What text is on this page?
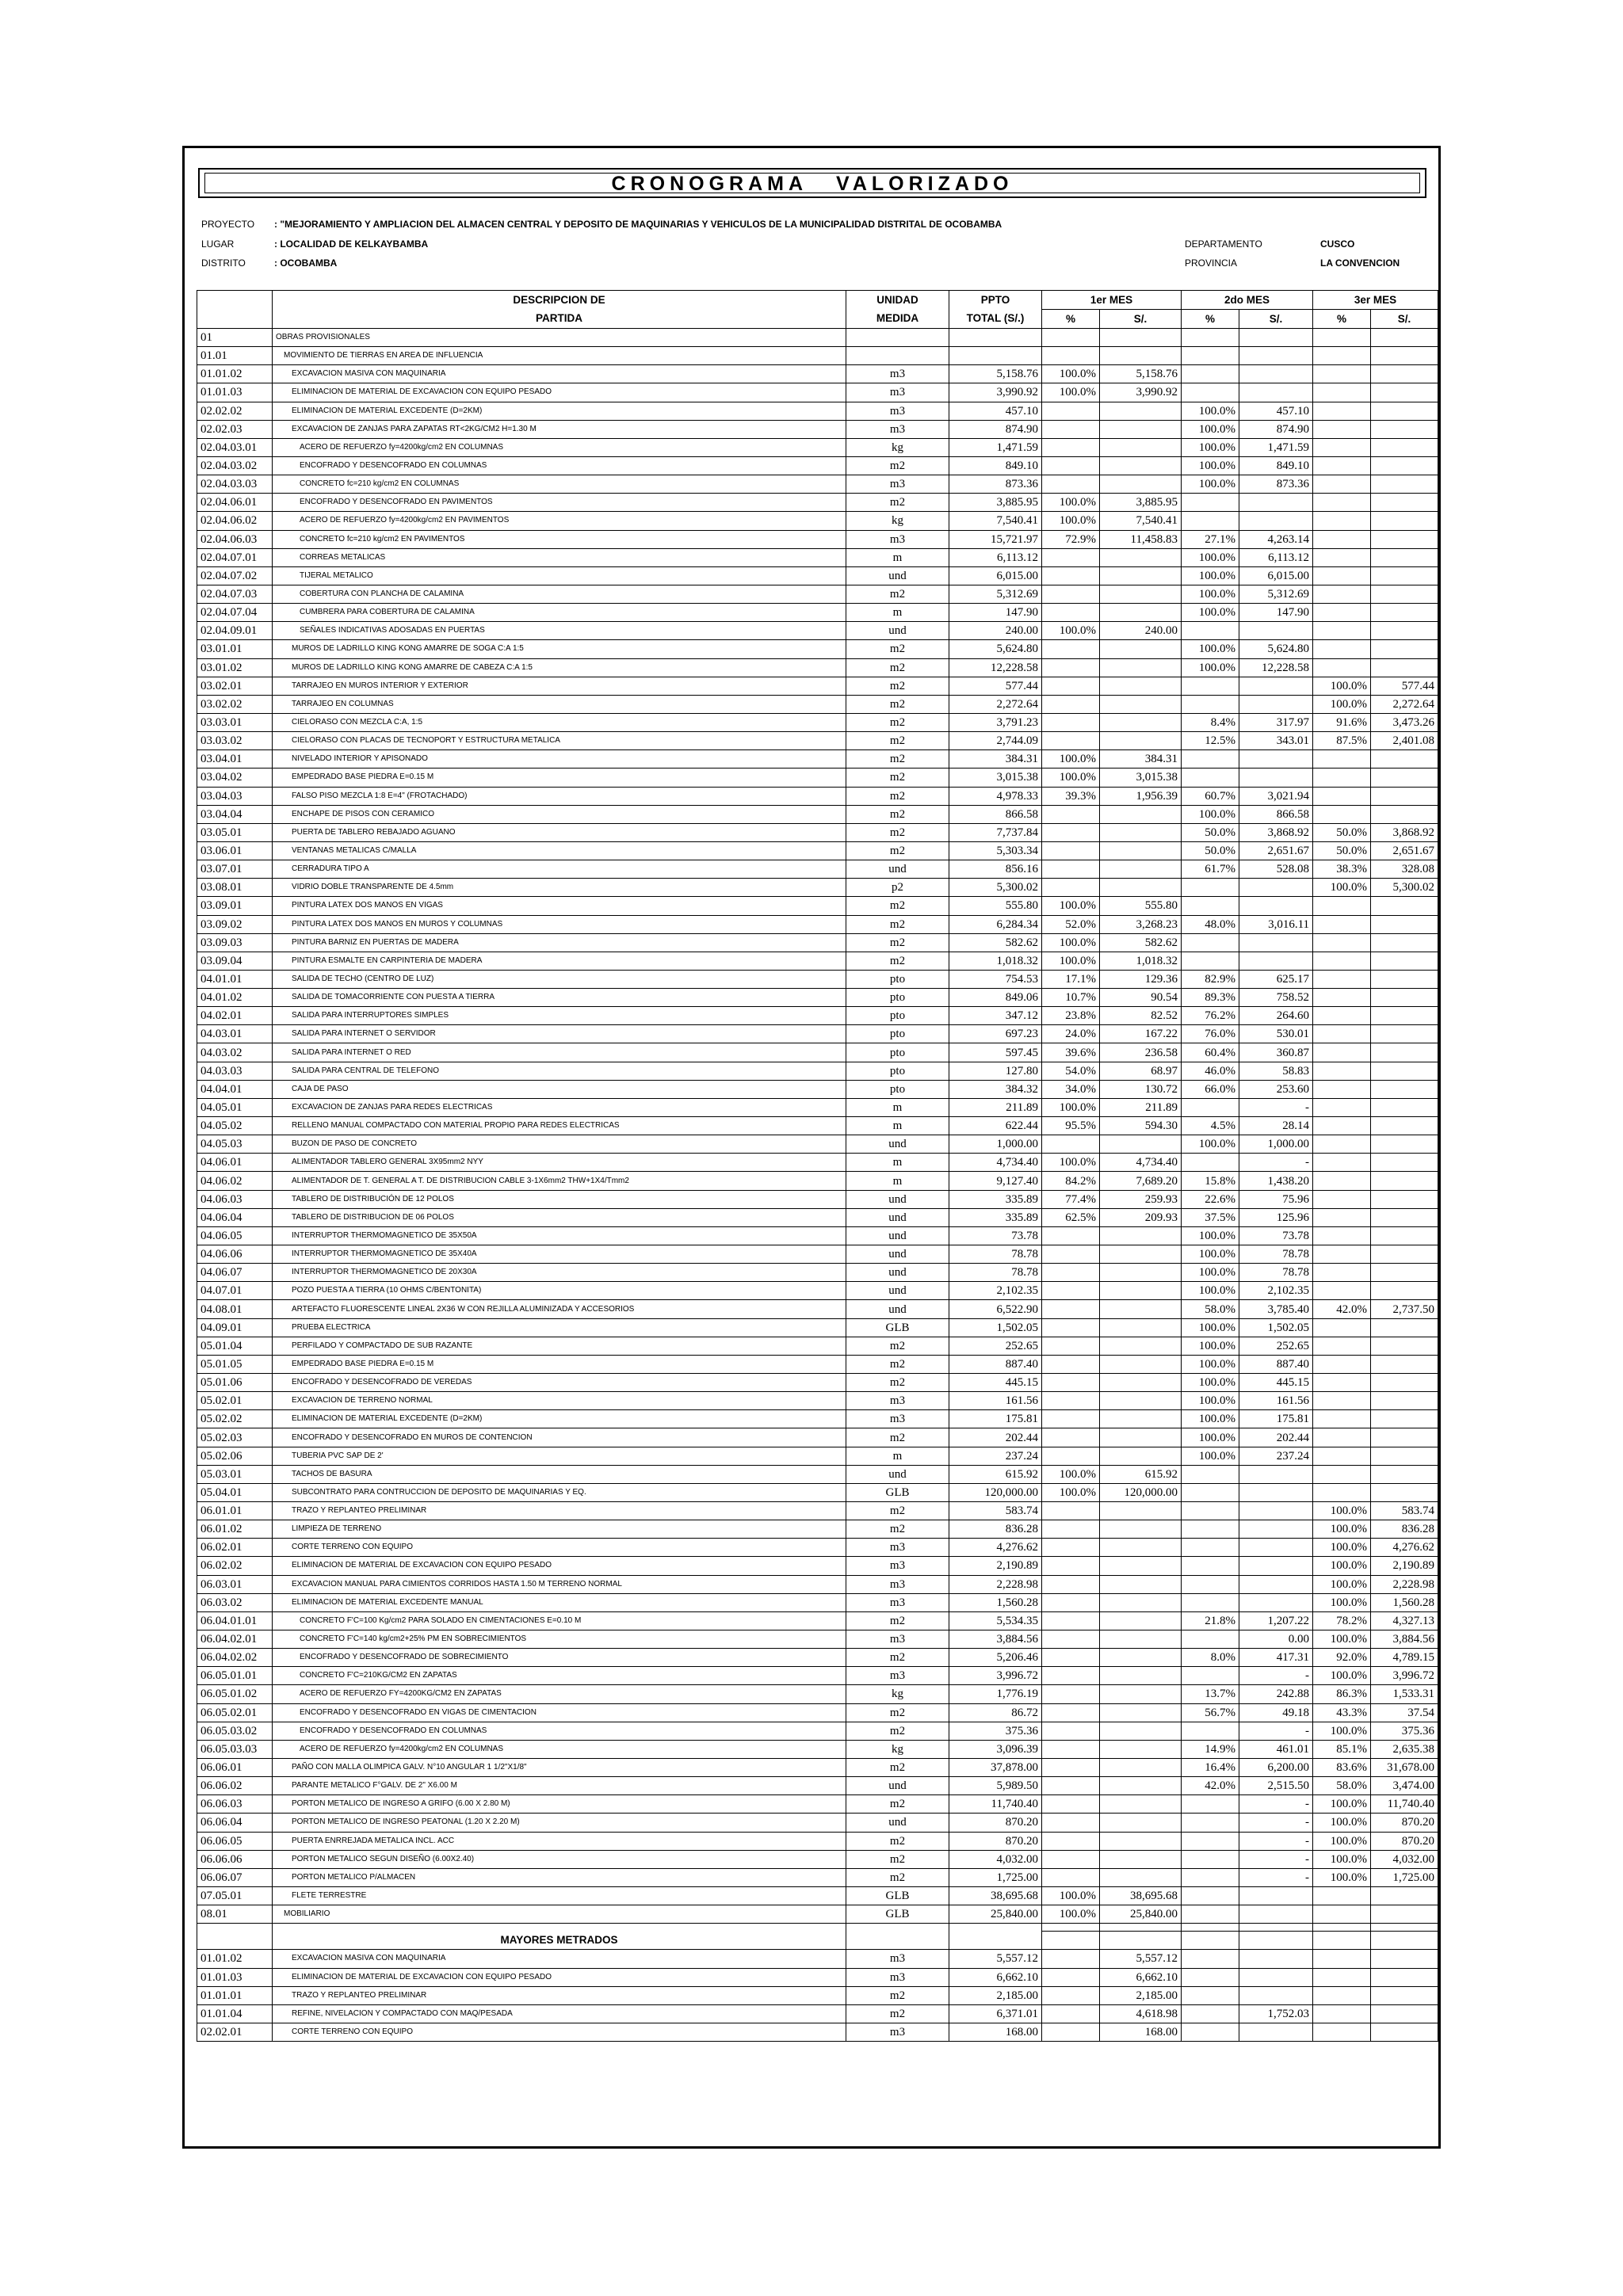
CRONOGRAMA VALORIZADO
PROYECTO : "MEJORAMIENTO Y AMPLIACION DEL ALMACEN CENTRAL Y DEPOSITO DE MAQUINARIAS Y VEHICULOS DE LA MUNICIPALIDAD DISTRITAL DE OCOBAMBA
LUGAR	: LOCALIDAD DE KELKAYBAMBA
DISTRITO	: OCOBAMBA
DEPARTAMENTO	CUSCO
PROVINCIA	LA CONVENCION
	DESCRIPCION DE	UNIDAD	PPTO	1er MES		2do MES		3er MES	
	PARTIDA	MEDIDA	TOTAL (S/.)	%	S/.	%	S/.	%	S/.
01	OBRAS PROVISIONALES								
01.01	MOVIMIENTO DE TIERRAS EN AREA DE INFLUENCIA								
01.01.02	EXCAVACION MASIVA CON MAQUINARIA	m3	5,158.76	100.0%	5,158.76				
01.01.03	ELIMINACION DE MATERIAL DE EXCAVACION CON EQUIPO PESADO	m3	3,990.92	100.0%	3,990.92				
02.02.02	ELIMINACION DE MATERIAL EXCEDENTE (D=2KM)	m3	457.10			100.0%	457.10		
02.02.03	EXCAVACION DE ZANJAS PARA ZAPATAS RT<2KG/CM2 H=1.30 M	m3	874.90			100.0%	874.90		
02.04.03.01	ACERO DE REFUERZO fy=4200kg/cm2 EN COLUMNAS	kg	1,471.59			100.0%	1,471.59		
02.04.03.02	ENCOFRADO Y DESENCOFRADO EN COLUMNAS	m2	849.10			100.0%	849.10		
02.04.03.03	CONCRETO fc=210 kg/cm2 EN COLUMNAS	m3	873.36			100.0%	873.36		
02.04.06.01	ENCOFRADO Y DESENCOFRADO EN PAVIMENTOS	m2	3,885.95	100.0%	3,885.95				
02.04.06.02	ACERO DE REFUERZO fy=4200kg/cm2 EN PAVIMENTOS	kg	7,540.41	100.0%	7,540.41				
02.04.06.03	CONCRETO fc=210 kg/cm2 EN PAVIMENTOS	m3	15,721.97	72.9%	11,458.83	27.1%	4,263.14		
02.04.07.01	CORREAS METALICAS	m	6,113.12			100.0%	6,113.12		
02.04.07.02	TIJERAL METALICO	und	6,015.00			100.0%	6,015.00		
02.04.07.03	COBERTURA CON PLANCHA DE CALAMINA	m2	5,312.69			100.0%	5,312.69		
02.04.07.04	CUMBRERA PARA COBERTURA DE CALAMINA	m	147.90			100.0%	147.90		
02.04.09.01	SEÑALES INDICATIVAS ADOSADAS EN PUERTAS	und	240.00	100.0%	240.00				
03.01.01	MUROS DE LADRILLO KING KONG AMARRE DE SOGA C:A 1:5	m2	5,624.80			100.0%	5,624.80		
03.01.02	MUROS DE LADRILLO KING KONG AMARRE DE CABEZA C:A 1:5	m2	12,228.58			100.0%	12,228.58		
03.02.01	TARRAJEO EN MUROS INTERIOR Y EXTERIOR	m2	577.44					100.0%	577.44
03.02.02	TARRAJEO EN COLUMNAS	m2	2,272.64					100.0%	2,272.64
03.03.01	CIELORASO CON MEZCLA C:A, 1:5	m2	3,791.23			8.4%	317.97	91.6%	3,473.26
03.03.02	CIELORASO CON PLACAS DE TECNOPORT Y ESTRUCTURA METALICA	m2	2,744.09			12.5%	343.01	87.5%	2,401.08
03.04.01	NIVELADO INTERIOR Y APISONADO	m2	384.31	100.0%	384.31				
03.04.02	EMPEDRADO BASE PIEDRA E=0.15 M	m2	3,015.38	100.0%	3,015.38				
03.04.03	FALSO PISO MEZCLA 1:8 E=4" (FROTACHADO)	m2	4,978.33	39.3%	1,956.39	60.7%	3,021.94		
03.04.04	ENCHAPE DE PISOS CON CERAMICO	m2	866.58			100.0%	866.58		
03.05.01	PUERTA DE TABLERO REBAJADO AGUANO	m2	7,737.84			50.0%	3,868.92	50.0%	3,868.92
03.06.01	VENTANAS METALICAS C/MALLA	m2	5,303.34			50.0%	2,651.67	50.0%	2,651.67
03.07.01	CERRADURA TIPO A	und	856.16			61.7%	528.08	38.3%	328.08
03.08.01	VIDRIO DOBLE TRANSPARENTE DE 4.5mm	p2	5,300.02					100.0%	5,300.02
03.09.01	PINTURA LATEX DOS MANOS EN VIGAS	m2	555.80	100.0%	555.80				
03.09.02	PINTURA LATEX DOS MANOS EN MUROS Y COLUMNAS	m2	6,284.34	52.0%	3,268.23	48.0%	3,016.11		
03.09.03	PINTURA BARNIZ EN PUERTAS DE MADERA	m2	582.62	100.0%	582.62				
03.09.04	PINTURA ESMALTE EN CARPINTERIA DE MADERA	m2	1,018.32	100.0%	1,018.32				
04.01.01	SALIDA DE TECHO (CENTRO DE LUZ)	pto	754.53	17.1%	129.36	82.9%	625.17		
04.01.02	SALIDA DE TOMACORRIENTE CON PUESTA A TIERRA	pto	849.06	10.7%	90.54	89.3%	758.52		
04.02.01	SALIDA PARA INTERRUPTORES SIMPLES	pto	347.12	23.8%	82.52	76.2%	264.60		
04.03.01	SALIDA PARA INTERNET O SERVIDOR	pto	697.23	24.0%	167.22	76.0%	530.01		
04.03.02	SALIDA PARA INTERNET O RED	pto	597.45	39.6%	236.58	60.4%	360.87		
04.03.03	SALIDA PARA CENTRAL DE TELEFONO	pto	127.80	54.0%	68.97	46.0%	58.83		
04.04.01	CAJA DE PASO	pto	384.32	34.0%	130.72	66.0%	253.60		
04.05.01	EXCAVACION DE ZANJAS PARA REDES ELECTRICAS	m	211.89	100.0%	211.89		-		
04.05.02	RELLENO MANUAL COMPACTADO CON MATERIAL PROPIO PARA REDES ELECTRICAS	m	622.44	95.5%	594.30	4.5%	28.14		
04.05.03	BUZON DE PASO DE CONCRETO	und	1,000.00			100.0%	1,000.00		
04.06.01	ALIMENTADOR TABLERO GENERAL 3X95mm2 NYY	m	4,734.40	100.0%	4,734.40		-		
04.06.02	ALIMENTADOR DE T. GENERAL A T. DE DISTRIBUCION CABLE 3-1X6mm2 THW+1X4/Tmm2	m	9,127.40	84.2%	7,689.20	15.8%	1,438.20		
04.06.03	TABLERO DE DISTRIBUCIÓN DE 12 POLOS	und	335.89	77.4%	259.93	22.6%	75.96		
04.06.04	TABLERO DE DISTRIBUCION DE 06 POLOS	und	335.89	62.5%	209.93	37.5%	125.96		
04.06.05	INTERRUPTOR THERMOMAGNETICO DE 35X50A	und	73.78			100.0%	73.78		
04.06.06	INTERRUPTOR THERMOMAGNETICO DE 35X40A	und	78.78			100.0%	78.78		
04.06.07	INTERRUPTOR THERMOMAGNETICO DE 20X30A	und	78.78			100.0%	78.78		
04.07.01	POZO PUESTA A TIERRA (10 OHMS C/BENTONITA)	und	2,102.35			100.0%	2,102.35		
04.08.01	ARTEFACTO FLUORESCENTE LINEAL 2X36 W CON REJILLA ALUMINIZADA Y ACCESORIOS	und	6,522.90			58.0%	3,785.40	42.0%	2,737.50
04.09.01	PRUEBA ELECTRICA	GLB	1,502.05			100.0%	1,502.05		
05.01.04	PERFILADO Y COMPACTADO DE SUB RAZANTE	m2	252.65			100.0%	252.65		
05.01.05	EMPEDRADO BASE PIEDRA E=0.15 M	m2	887.40			100.0%	887.40		
05.01.06	ENCOFRADO Y DESENCOFRADO DE VEREDAS	m2	445.15			100.0%	445.15		
05.02.01	EXCAVACION DE TERRENO NORMAL	m3	161.56			100.0%	161.56		
05.02.02	ELIMINACION DE MATERIAL EXCEDENTE (D=2KM)	m3	175.81			100.0%	175.81		
05.02.03	ENCOFRADO Y DESENCOFRADO EN MUROS DE CONTENCION	m2	202.44			100.0%	202.44		
05.02.06	TUBERIA PVC SAP DE 2'	m	237.24			100.0%	237.24		
05.03.01	TACHOS DE BASURA	und	615.92	100.0%	615.92				
05.04.01	SUBCONTRATO PARA CONTRUCCION DE DEPOSITO DE MAQUINARIAS Y EQ.	GLB	120,000.00	100.0%	120,000.00				
06.01.01	TRAZO Y REPLANTEO PRELIMINAR	m2	583.74					100.0%	583.74
06.01.02	LIMPIEZA DE TERRENO	m2	836.28					100.0%	836.28
06.02.01	CORTE TERRENO CON EQUIPO	m3	4,276.62					100.0%	4,276.62
06.02.02	ELIMINACION DE MATERIAL DE EXCAVACION CON EQUIPO PESADO	m3	2,190.89					100.0%	2,190.89
06.03.01	EXCAVACION MANUAL PARA CIMIENTOS CORRIDOS HASTA 1.50 M TERRENO NORMAL	m3	2,228.98					100.0%	2,228.98
06.03.02	ELIMINACION DE MATERIAL EXCEDENTE MANUAL	m3	1,560.28					100.0%	1,560.28
06.04.01.01	CONCRETO F'C=100 Kg/cm2 PARA SOLADO EN CIMENTACIONES E=0.10 M	m2	5,534.35			21.8%	1,207.22	78.2%	4,327.13
06.04.02.01	CONCRETO F'C=140 kg/cm2+25% PM EN SOBRECIMIENTOS	m3	3,884.56				0.00	100.0%	3,884.56
06.04.02.02	ENCOFRADO Y DESENCOFRADO DE SOBRECIMIENTO	m2	5,206.46			8.0%	417.31	92.0%	4,789.15
06.05.01.01	CONCRETO F'C=210KG/CM2 EN ZAPATAS	m3	3,996.72				-	100.0%	3,996.72
06.05.01.02	ACERO DE REFUERZO FY=4200KG/CM2 EN ZAPATAS	kg	1,776.19			13.7%	242.88	86.3%	1,533.31
06.05.02.01	ENCOFRADO Y DESENCOFRADO EN VIGAS DE CIMENTACION	m2	86.72			56.7%	49.18	43.3%	37.54
06.05.03.02	ENCOFRADO Y DESENCOFRADO EN COLUMNAS	m2	375.36				-	100.0%	375.36
06.05.03.03	ACERO DE REFUERZO fy=4200kg/cm2 EN COLUMNAS	kg	3,096.39			14.9%	461.01	85.1%	2,635.38
06.06.01	PAÑO CON MALLA OLIMPICA GALV. N°10 ANGULAR 1 1/2"X1/8"	m2	37,878.00			16.4%	6,200.00	83.6%	31,678.00
06.06.02	PARANTE METALICO F°GALV. DE 2" X6.00 M	und	5,989.50			42.0%	2,515.50	58.0%	3,474.00
06.06.03	PORTON METALICO DE INGRESO A GRIFO (6.00 X 2.80 M)	m2	11,740.40				-	100.0%	11,740.40
06.06.04	PORTON METALICO DE INGRESO PEATONAL (1.20 X 2.20 M)	und	870.20				-	100.0%	870.20
06.06.05	PUERTA ENRREJADA METALICA INCL. ACC	m2	870.20				-	100.0%	870.20
06.06.06	PORTON METALICO SEGUN DISEÑO (6.00X2.40)	m2	4,032.00				-	100.0%	4,032.00
06.06.07	PORTON METALICO P/ALMACEN	m2	1,725.00				-	100.0%	1,725.00
07.05.01	FLETE TERRESTRE	GLB	38,695.68	100.0%	38,695.68				
08.01	MOBILIARIO	GLB	25,840.00	100.0%	25,840.00				

	MAYORES METRADOS								
01.01.02	EXCAVACION MASIVA CON MAQUINARIA	m3	5,557.12		5,557.12				
01.01.03	ELIMINACION DE MATERIAL DE EXCAVACION CON EQUIPO PESADO	m3	6,662.10		6,662.10				
01.01.01	TRAZO Y REPLANTEO PRELIMINAR	m2	2,185.00		2,185.00				
01.01.04	REFINE, NIVELACION Y COMPACTADO CON MAQ/PESADA	m2	6,371.01		4,618.98		1,752.03		
02.02.01	CORTE TERRENO CON EQUIPO	m3	168.00		168.00				
